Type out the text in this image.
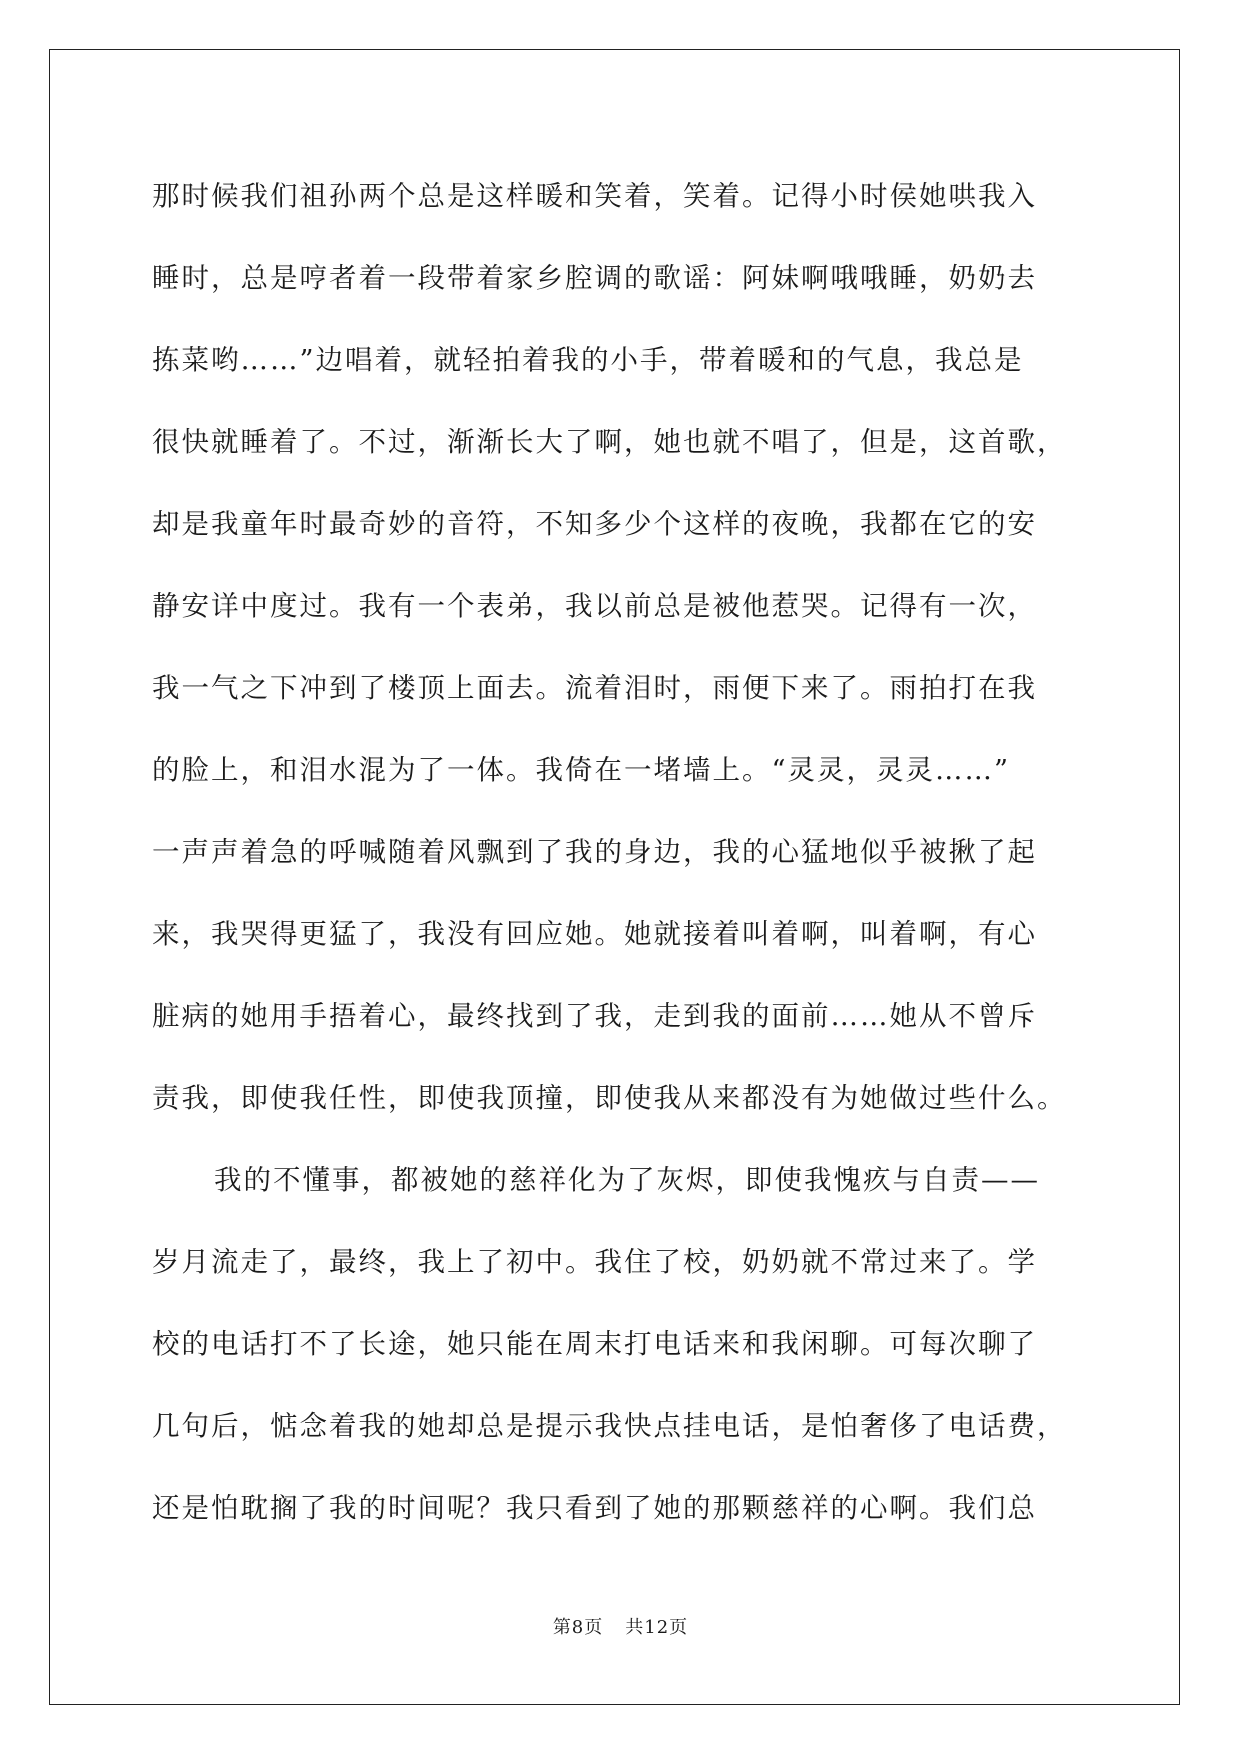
那时候我们祖孙两个总是这样暖和笑着，笑着。记得小时侯她哄我入
睡时，总是哼者着一段带着家乡腔调的歌谣：阿妹啊哦哦睡，奶奶去
拣菜哟……”边唱着，就轻拍着我的小手，带着暖和的气息，我总是
很快就睡着了。不过，渐渐长大了啊，她也就不唱了，但是，这首歌，
却是我童年时最奇妙的音符，不知多少个这样的夜晚，我都在它的安
静安详中度过。我有一个表弟，我以前总是被他惹哭。记得有一次，
我一气之下冲到了楼顶上面去。流着泪时，雨便下来了。雨拍打在我
的脸上，和泪水混为了一体。我倚在一堵墙上。“灵灵，灵灵……”
一声声着急的呼喊随着风飘到了我的身边，我的心猛地似乎被揪了起
来，我哭得更猛了，我没有回应她。她就接着叫着啊，叫着啊，有心
脏病的她用手捂着心，最终找到了我，走到我的面前……她从不曾斥
责我，即使我任性，即使我顶撞，即使我从来都没有为她做过些什么。
我的不懂事，都被她的慈祥化为了灰烬，即使我愧疚与自责——
岁月流走了，最终，我上了初中。我住了校，奶奶就不常过来了。学
校的电话打不了长途，她只能在周末打电话来和我闲聊。可每次聊了
几句后，惦念着我的她却总是提示我快点挂电话，是怕奢侈了电话费，
还是怕耽搁了我的时间呢？我只看到了她的那颗慈祥的心啊。我们总
第8页 共12页
